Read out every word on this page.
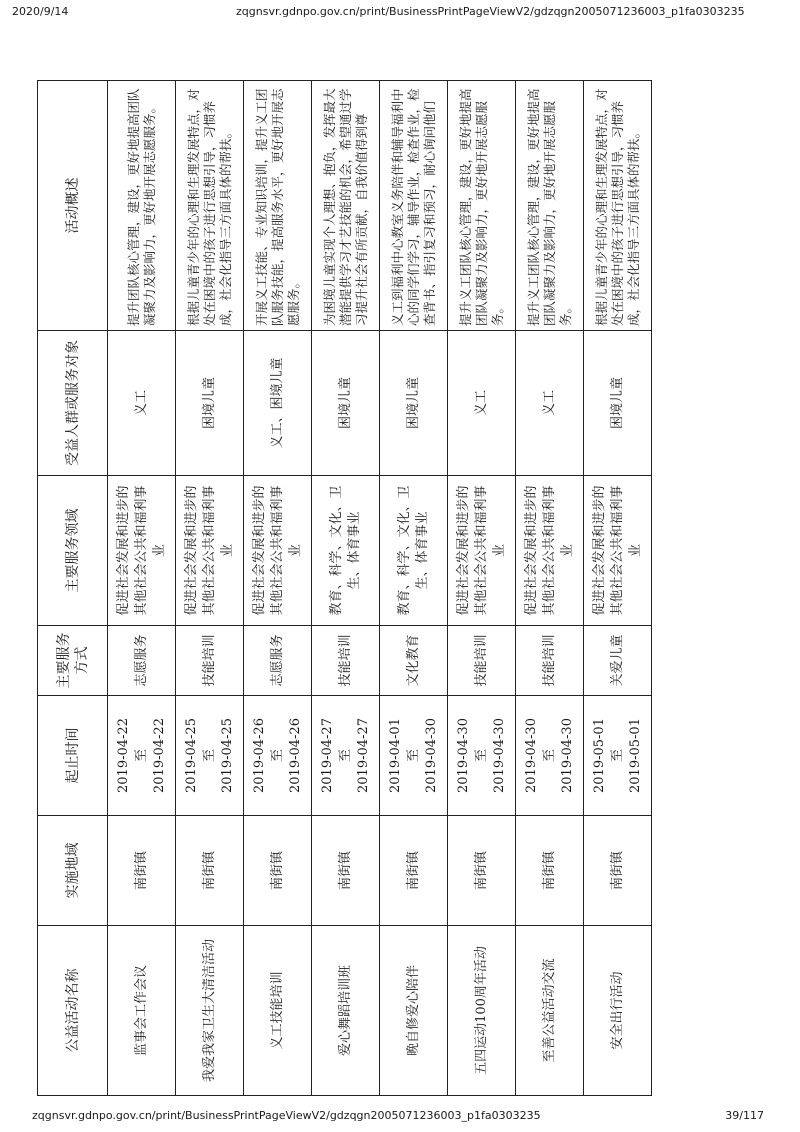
2020/9/14	zqgnsvr.gdnpo.gov.cn/print/BusinessPrintPageViewV2/gdzqgn2005071236003_p1fa0303235
公益活动名称	实施地域	起止时间	主要服务方式	主要服务领域	受益人群或服务对象	活动概述
监事会工作会议	南街镇	2019-04-22 至 2019-04-22	志愿服务	促进社会发展和进步的其他社会公共和福利事业	义工	提升团队核心管理，建设，更好地提高团队凝聚力及影响力，更好地开展志愿服务。
我爱我家卫生大清洁活动	南街镇	2019-04-25 至 2019-04-25	技能培训	促进社会发展和进步的其他社会公共和福利事业	困境儿童	根据儿童青少年的心理和生理发展特点，对处在困境中的孩子进行思想引导，习惯养成，社会化指导三方面具体的帮扶。
义工技能培训	南街镇	2019-04-26 至 2019-04-26	志愿服务	促进社会发展和进步的其他社会公共和福利事业	义工、困境儿童	开展义工技能、专业知识培训，提升义工团队服务技能，提高服务水平，更好地开展志愿服务。
爱心舞蹈培训班	南街镇	2019-04-27 至 2019-04-27	技能培训	教育、科学、文化、卫生、体育事业	困境儿童	为困境儿童实现个人理想、抱负，发挥最大潜能提供学习才艺技能的机会，希望通过学习提升社会有所贡献，自我价值得到尊
晚自修爱心陪伴	南街镇	2019-04-01 至 2019-04-30	文化教育	教育、科学、文化、卫生、体育事业	困境儿童	义工到福利中心教室义务陪伴和辅导福利中心的同学们学习，辅导作业，检查作业，检查背书、指引复习和预习，耐心询问他们
五四运动100周年活动	南街镇	2019-04-30 至 2019-04-30	技能培训	促进社会发展和进步的其他社会公共和福利事业	义工	提升义工团队核心管理，建设，更好地提高团队凝聚力及影响力，更好地开展志愿服务。
至善公益活动交流	南街镇	2019-04-30 至 2019-04-30	技能培训	促进社会发展和进步的其他社会公共和福利事业	义工	提升义工团队核心管理，建设，更好地提高团队凝聚力及影响力，更好地开展志愿服务。
安全出行活动	南街镇	2019-05-01 至 2019-05-01	关爱儿童	促进社会发展和进步的其他社会公共和福利事业	困境儿童	根据儿童青少年的心理和生理发展特点，对处在困境中的孩子进行思想引导，习惯养成，社会化指导三方面具体的帮扶。
zqgnsvr.gdnpo.gov.cn/print/BusinessPrintPageViewV2/gdzqgn2005071236003_p1fa0303235	39/117
